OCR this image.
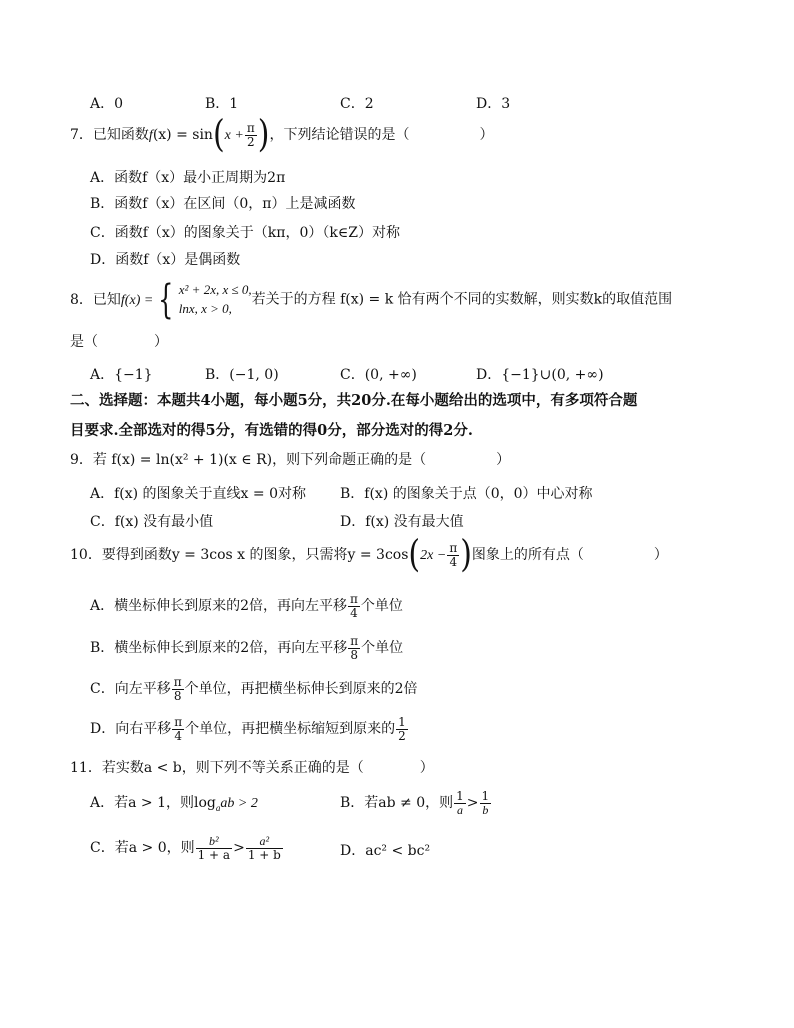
A．0	B．1	C．2	D．3
7．已知函数$f(x) = \sin(x + \frac{\pi}{2}$ )，下列结论错误的是（　　　　　）
A．函数f（x）最小正周期为2π
B．函数f（x）在区间（0，π）上是减函数
C．函数f（x）的图象关于（kπ，0）（k∈Z）对称
D．函数f（x）是偶函数
8．已知f(x) = { x² + 2x, x ≤ 0,
lnx, x > 0,
若关于的方程 f(x) = k 恰有两个不同的实数解，则实数k的取值范围
是（　　　　）
A．{−1}	B．(−1, 0)	C．(0, +∞)	D．{−1}∪(0, +∞)
二、选择题：本题共4小题，每小题5分，共20分.在每小题给出的选项中，有多项符合题
目要求.全部选对的得5分，有选错的得0分，部分选对的得2分.
9．若 f(x) = ln(x² + 1)(x ∈ R)，则下列命题正确的是（　　　　　）
A．f(x) 的图象关于直线x = 0对称 B．f(x) 的图象关于点（0，0）中心对称
C．f(x) 没有最小值	D．f(x) 没有最大值
10．要得到函数y = 3cos x 的图象，只需将$y = 3\cos(2x - \frac{\pi}{4}$ )图象上的所有点（　　　　　）
A．横坐标伸长到原来的2倍，再向左平移 $\frac{\pi}{4}$ 个单位
B．横坐标伸长到原来的2倍，再向左平移 $\frac{\pi}{8}$ 个单位
C．向左平移 $\frac{\pi}{8}$ 个单位，再把横坐标伸长到原来的2倍
D．向右平移 $\frac{\pi}{4}$ 个单位，再把横坐标缩短到原来的 $\frac{1}{2}$
11．若实数a < b，则下列不等关系正确的是（　　　　）
A．若a > 1，则$\log_aab > 2$	B．若ab ≠ 0，则 $\frac{1}{a} > \frac{1}{b}$
C．若a > 0，则 $\frac{\text{b²}}{1 + a} > \frac{\text{a²}}{1 + b}$	D．ac² < bc²
